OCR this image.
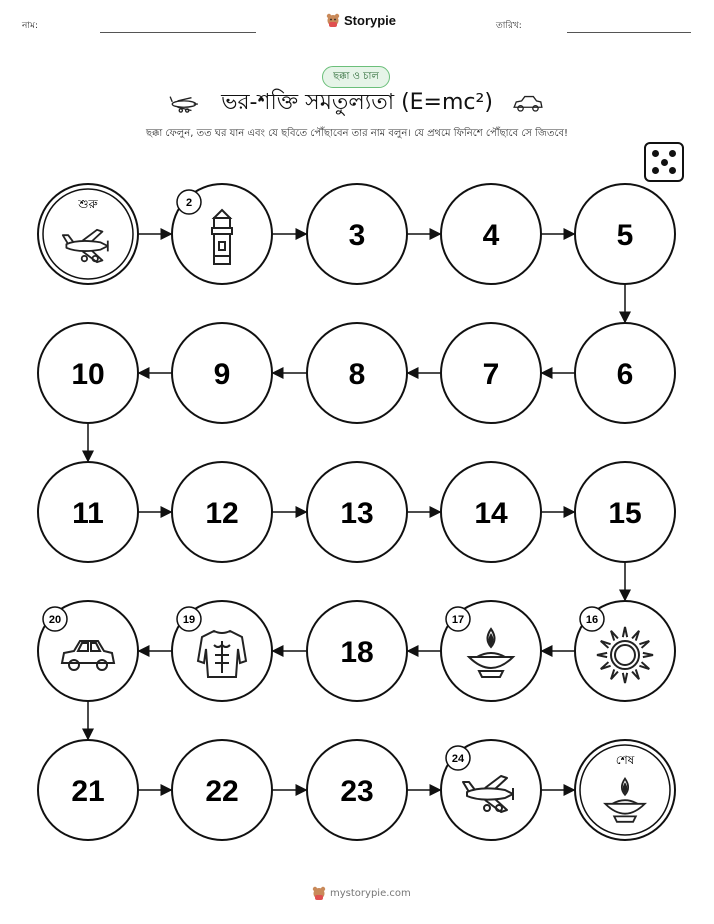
নাম:	Storypie	তারিখ:
ছক্কা ও চাল
ভর-শক্তি সমতুল্যতা (E=mc²)
ছক্কা ফেলুন, তত ঘর যান এবং যে ছবিতে পৌঁছাবেন তার নাম বলুন। যে প্রথমে ফিনিশে পৌঁছাবে সে জিতবে!
শুরু	2
3	4	5
6
7
8
9
10
11	12	13	14	15
16
17
18
19
20
21	22	23
24	শেষ
mystorypie.com
